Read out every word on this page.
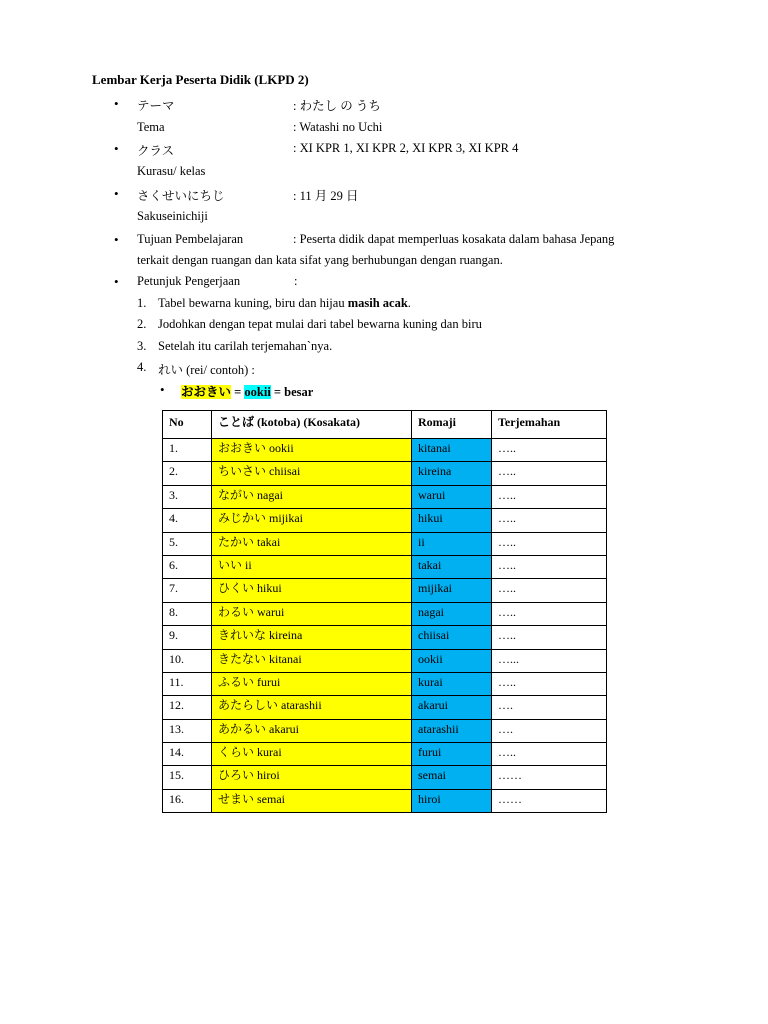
Lembar Kerja Peserta Didik (LKPD 2)
• テーマ	: わたし の うち
Tema	: Watashi no Uchi
• クラス	: XI KPR 1, XI KPR 2, XI KPR 3, XI KPR 4
Kurasu/ kelas
• さくせいにちじ	: 11 月 29 日
Sakuseinichiji
• Tujuan Pembelajaran	: Peserta didik dapat memperluas kosakata dalam bahasa Jepang
terkait dengan ruangan dan kata sifat yang berhubungan dengan ruangan.
• Petunjuk Pengerjaan	:
1. Tabel bewarna kuning, biru dan hijau masih acak.
2. Jodohkan dengan tepat mulai dari tabel bewarna kuning dan biru
3. Setelah itu carilah terjemahan`nya.
4. れい (rei/ contoh) :
• おおきい = ookii = besar
No	ことば (kotoba) (Kosakata)	Romaji	Terjemahan
1.	おおきい ookii	kitanai	…..
2.	ちいさい chiisai	kireina	…..
3.	ながい nagai	warui	…..
4.	みじかい mijikai	hikui	…..
5.	たかい takai	ii	…..
6.	いい ii	takai	…..
7.	ひくい hikui	mijikai	…..
8.	わるい warui	nagai	…..
9.	きれいな kireina	chiisai	…..
10.	きたない kitanai	ookii	…...
11.	ふるい furui	kurai	…..
12.	あたらしい atarashii	akarui	….
13.	あかるい akarui	atarashii	….
14.	くらい kurai	furui	…..
15.	ひろい hiroi	semai	……
16.	せまい semai	hiroi	……
